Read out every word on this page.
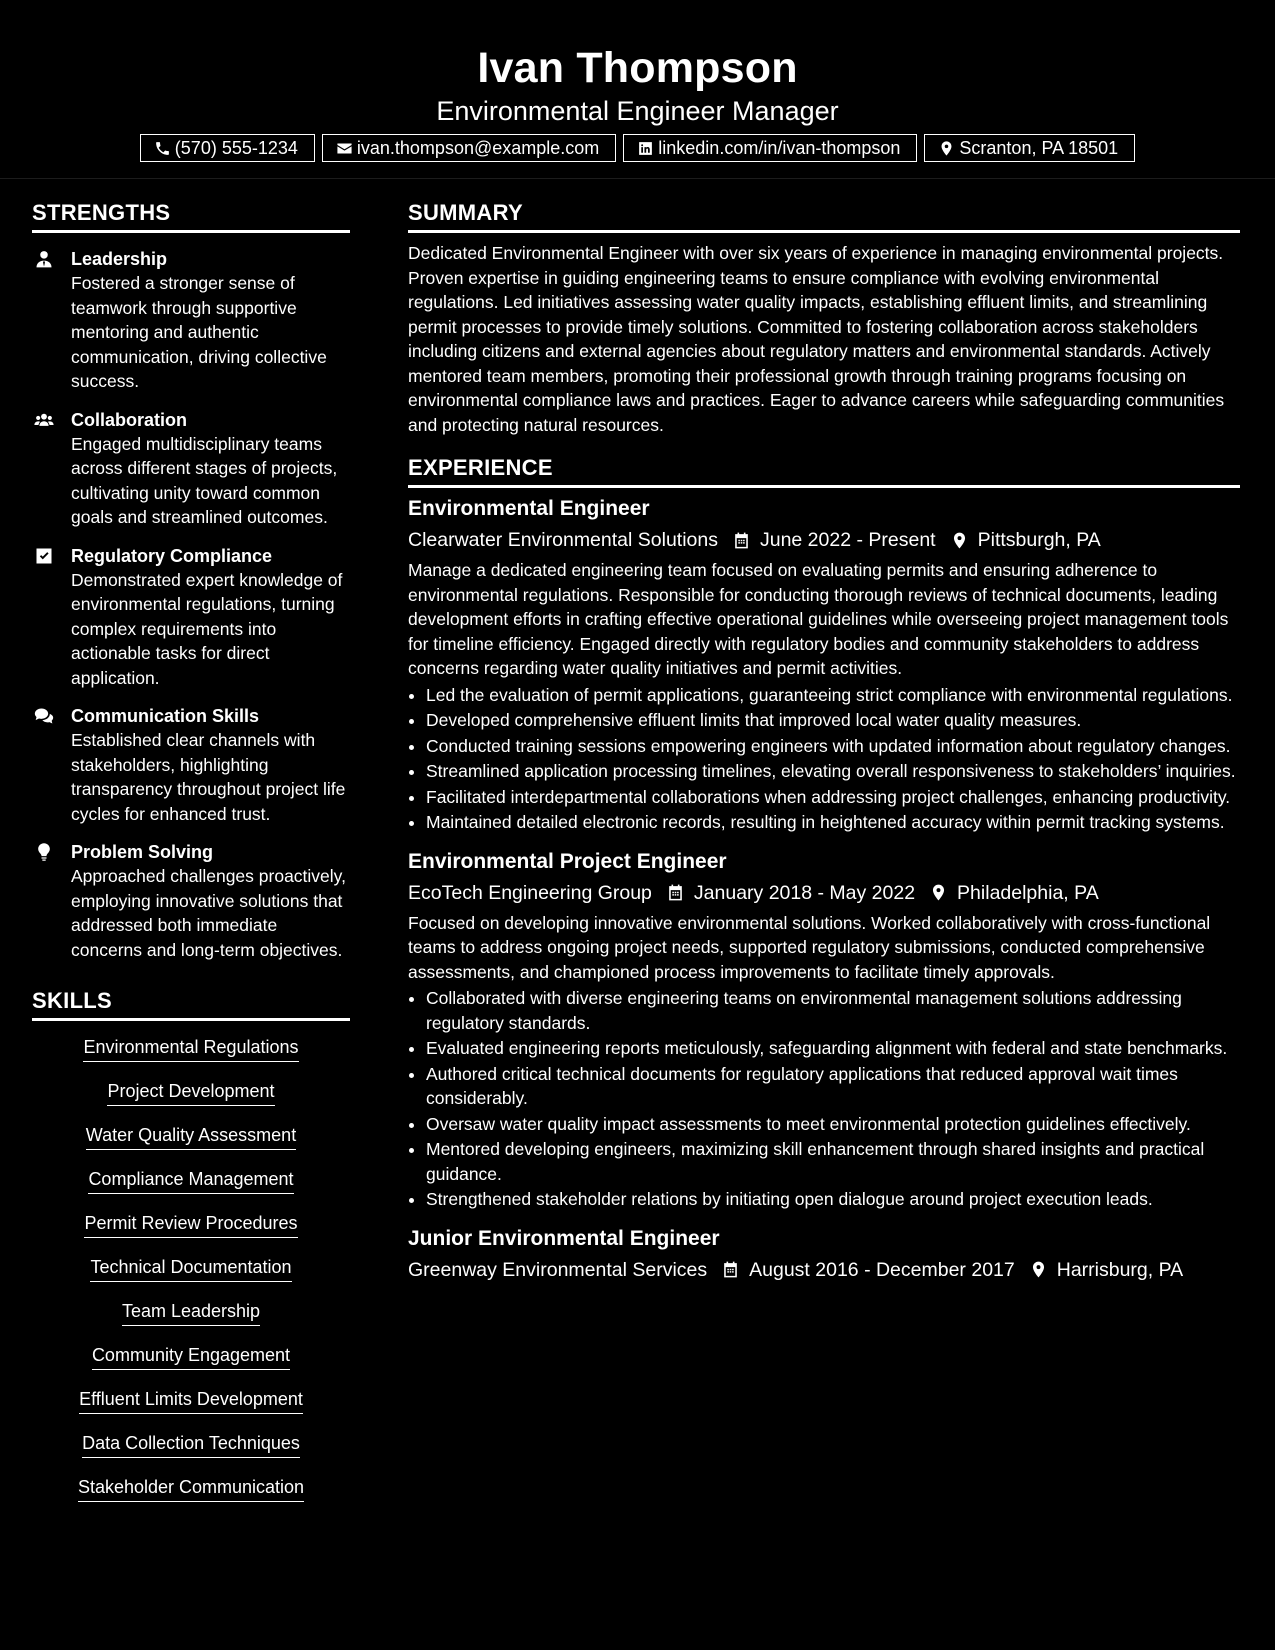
Ivan Thompson
Environmental Engineer Manager
(570) 555-1234	ivan.thompson@example.com	linkedin.com/in/ivan-thompson	Scranton, PA 18501
STRENGTHS
Leadership
Fostered a stronger sense of teamwork through supportive mentoring and authentic communication, driving collective success.
Collaboration
Engaged multidisciplinary teams across different stages of projects, cultivating unity toward common goals and streamlined outcomes.
Regulatory Compliance
Demonstrated expert knowledge of environmental regulations, turning complex requirements into actionable tasks for direct application.
Communication Skills
Established clear channels with stakeholders, highlighting transparency throughout project life cycles for enhanced trust.
Problem Solving
Approached challenges proactively, employing innovative solutions that addressed both immediate concerns and long-term objectives.
SKILLS
Environmental Regulations
Project Development
Water Quality Assessment
Compliance Management
Permit Review Procedures
Technical Documentation
Team Leadership
Community Engagement
Effluent Limits Development
Data Collection Techniques
Stakeholder Communication
SUMMARY
Dedicated Environmental Engineer with over six years of experience in managing environmental projects. Proven expertise in guiding engineering teams to ensure compliance with evolving environmental regulations. Led initiatives assessing water quality impacts, establishing effluent limits, and streamlining permit processes to provide timely solutions. Committed to fostering collaboration across stakeholders including citizens and external agencies about regulatory matters and environmental standards. Actively mentored team members, promoting their professional growth through training programs focusing on environmental compliance laws and practices. Eager to advance careers while safeguarding communities and protecting natural resources.
EXPERIENCE
Environmental Engineer
Clearwater Environmental Solutions June 2022 - Present Pittsburgh, PA
Manage a dedicated engineering team focused on evaluating permits and ensuring adherence to environmental regulations. Responsible for conducting thorough reviews of technical documents, leading development efforts in crafting effective operational guidelines while overseeing project management tools for timeline efficiency. Engaged directly with regulatory bodies and community stakeholders to address concerns regarding water quality initiatives and permit activities.
• Led the evaluation of permit applications, guaranteeing strict compliance with environmental regulations.
• Developed comprehensive effluent limits that improved local water quality measures.
• Conducted training sessions empowering engineers with updated information about regulatory changes.
• Streamlined application processing timelines, elevating overall responsiveness to stakeholders’ inquiries.
• Facilitated interdepartmental collaborations when addressing project challenges, enhancing productivity.
• Maintained detailed electronic records, resulting in heightened accuracy within permit tracking systems.
Environmental Project Engineer
EcoTech Engineering Group January 2018 - May 2022 Philadelphia, PA
Focused on developing innovative environmental solutions. Worked collaboratively with cross-functional teams to address ongoing project needs, supported regulatory submissions, conducted comprehensive assessments, and championed process improvements to facilitate timely approvals.
• Collaborated with diverse engineering teams on environmental management solutions addressing regulatory standards.
• Evaluated engineering reports meticulously, safeguarding alignment with federal and state benchmarks.
• Authored critical technical documents for regulatory applications that reduced approval wait times considerably.
• Oversaw water quality impact assessments to meet environmental protection guidelines effectively.
• Mentored developing engineers, maximizing skill enhancement through shared insights and practical guidance.
• Strengthened stakeholder relations by initiating open dialogue around project execution leads.
Junior Environmental Engineer
Greenway Environmental Services August 2016 - December 2017 Harrisburg, PA
